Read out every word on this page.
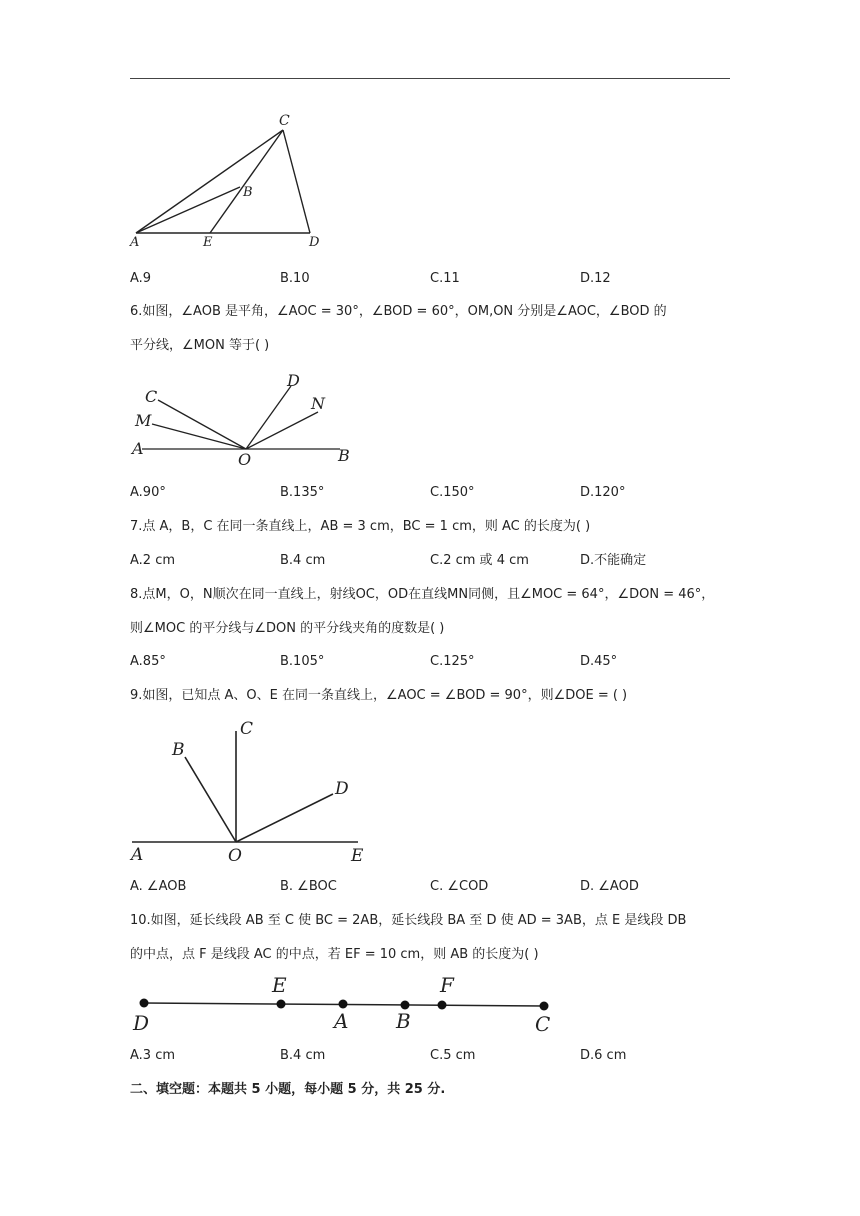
C
B
A	E	D
A.9	B.10	C.11	D.12
6.如图，∠AOB 是平角，∠AOC = 30°，∠BOD = 60°，OM,ON 分别是∠AOC，∠BOD 的
平分线，∠MON 等于( )
C
M
A
O	B
D
N
A.90°	B.135°	C.150°	D.120°
7.点 A，B，C 在同一条直线上，AB = 3 cm，BC = 1 cm，则 AC 的长度为( )
A.2 cm	B.4 cm	C.2 cm 或 4 cm	D.不能确定
8.点M，O，N顺次在同一直线上，射线OC，OD在直线MN同侧，且∠MOC = 64°，∠DON = 46°，
则∠MOC 的平分线与∠DON 的平分线夹角的度数是( )
A.85°	B.105°	C.125°	D.45°
9.如图，已知点 A、O、E 在同一条直线上，∠AOC = ∠BOD = 90°，则∠DOE = ( )
C
B
D
A	O	E
A. ∠AOB	B. ∠BOC	C. ∠COD	D. ∠AOD
10.如图，延长线段 AB 至 C 使 BC = 2AB，延长线段 BA 至 D 使 AD = 3AB，点 E 是线段 DB
的中点，点 F 是线段 AC 的中点，若 EF = 10 cm，则 AB 的长度为( )
D
E
A B
F
C
A.3 cm	B.4 cm	C.5 cm	D.6 cm
二、填空题：本题共 5 小题，每小题 5 分，共 25 分.
